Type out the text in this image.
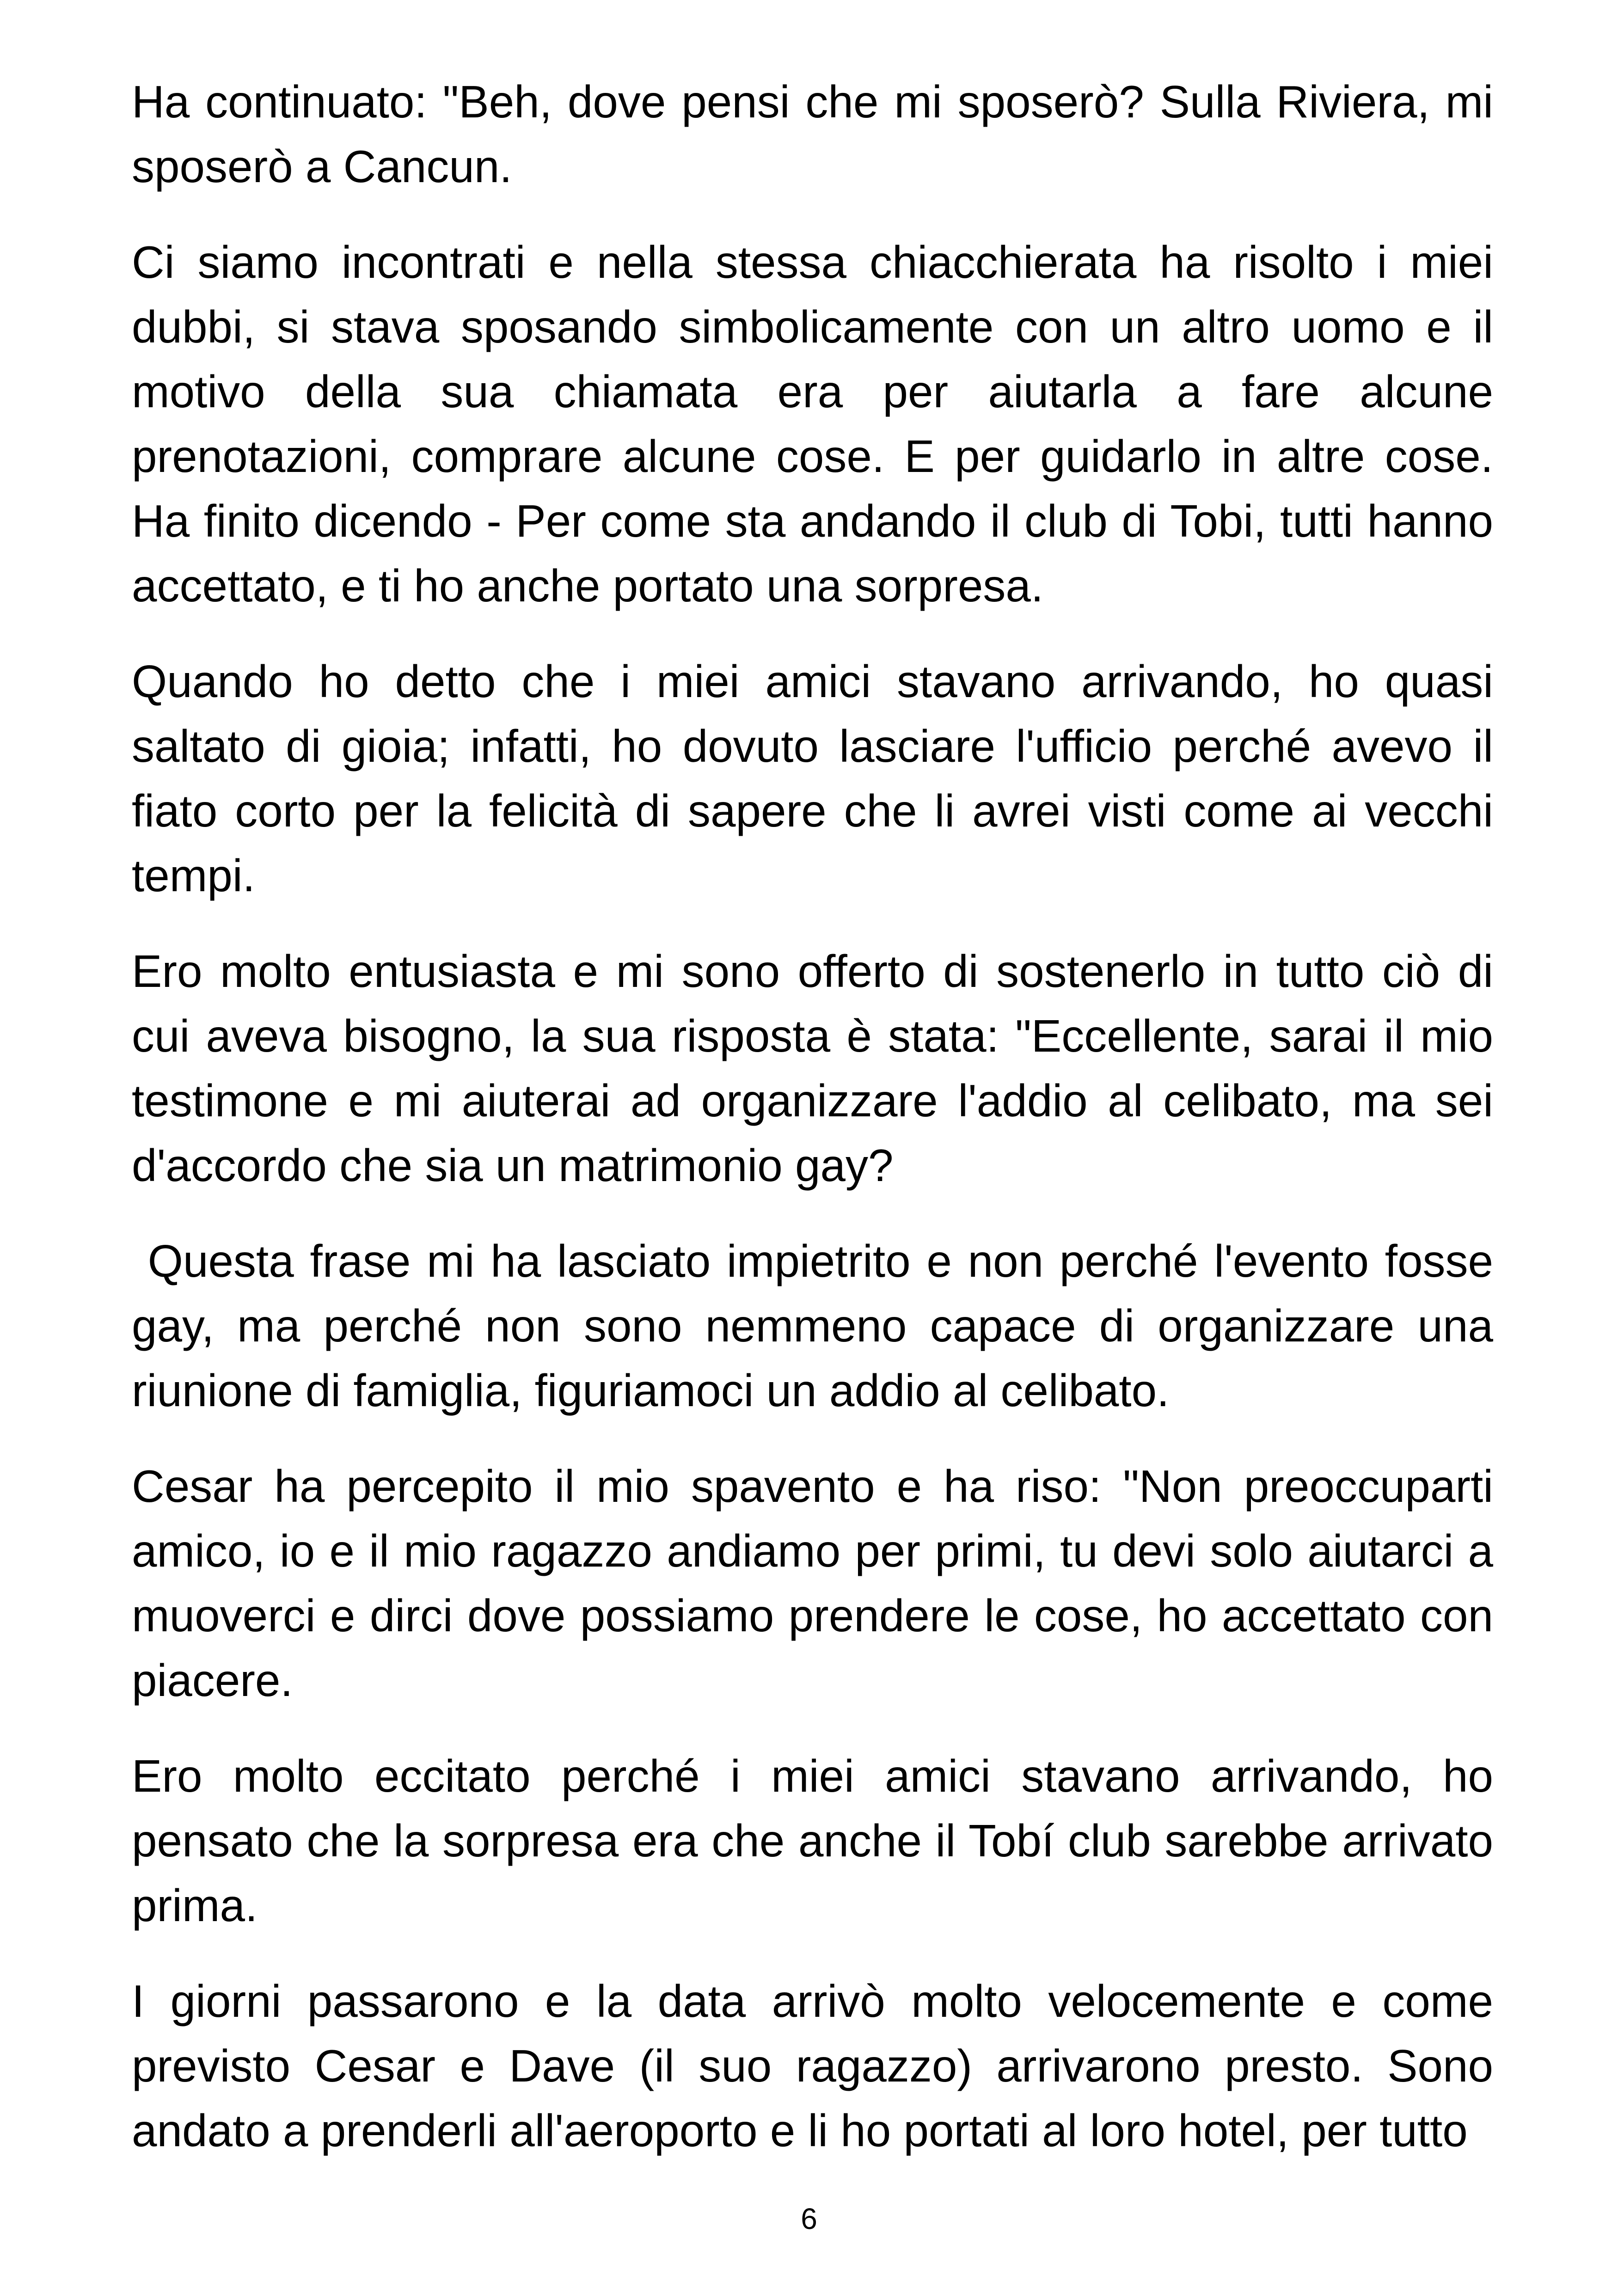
Ha continuato: "Beh, dove pensi che mi sposerò? Sulla Riviera, mi sposerò a Cancun.

Ci siamo incontrati e nella stessa chiacchierata ha risolto i miei dubbi, si stava sposando simbolicamente con un altro uomo e il motivo della sua chiamata era per aiutarla a fare alcune prenotazioni, comprare alcune cose. E per guidarlo in altre cose. Ha finito dicendo - Per come sta andando il club di Tobi, tutti hanno accettato, e ti ho anche portato una sorpresa.

Quando ho detto che i miei amici stavano arrivando, ho quasi saltato di gioia; infatti, ho dovuto lasciare l'ufficio perché avevo il fiato corto per la felicità di sapere che li avrei visti come ai vecchi tempi.

Ero molto entusiasta e mi sono offerto di sostenerlo in tutto ciò di cui aveva bisogno, la sua risposta è stata: "Eccellente, sarai il mio testimone e mi aiuterai ad organizzare l'addio al celibato, ma sei d'accordo che sia un matrimonio gay?

Questa frase mi ha lasciato impietrito e non perché l'evento fosse gay, ma perché non sono nemmeno capace di organizzare una riunione di famiglia, figuriamoci un addio al celibato.

Cesar ha percepito il mio spavento e ha riso: "Non preoccuparti amico, io e il mio ragazzo andiamo per primi, tu devi solo aiutarci a muoverci e dirci dove possiamo prendere le cose, ho accettato con piacere.

Ero molto eccitato perché i miei amici stavano arrivando, ho pensato che la sorpresa era che anche il Tobí club sarebbe arrivato prima.

I giorni passarono e la data arrivò molto velocemente e come previsto Cesar e Dave (il suo ragazzo) arrivarono presto. Sono andato a prenderli all'aeroporto e li ho portati al loro hotel, per tutto

6
